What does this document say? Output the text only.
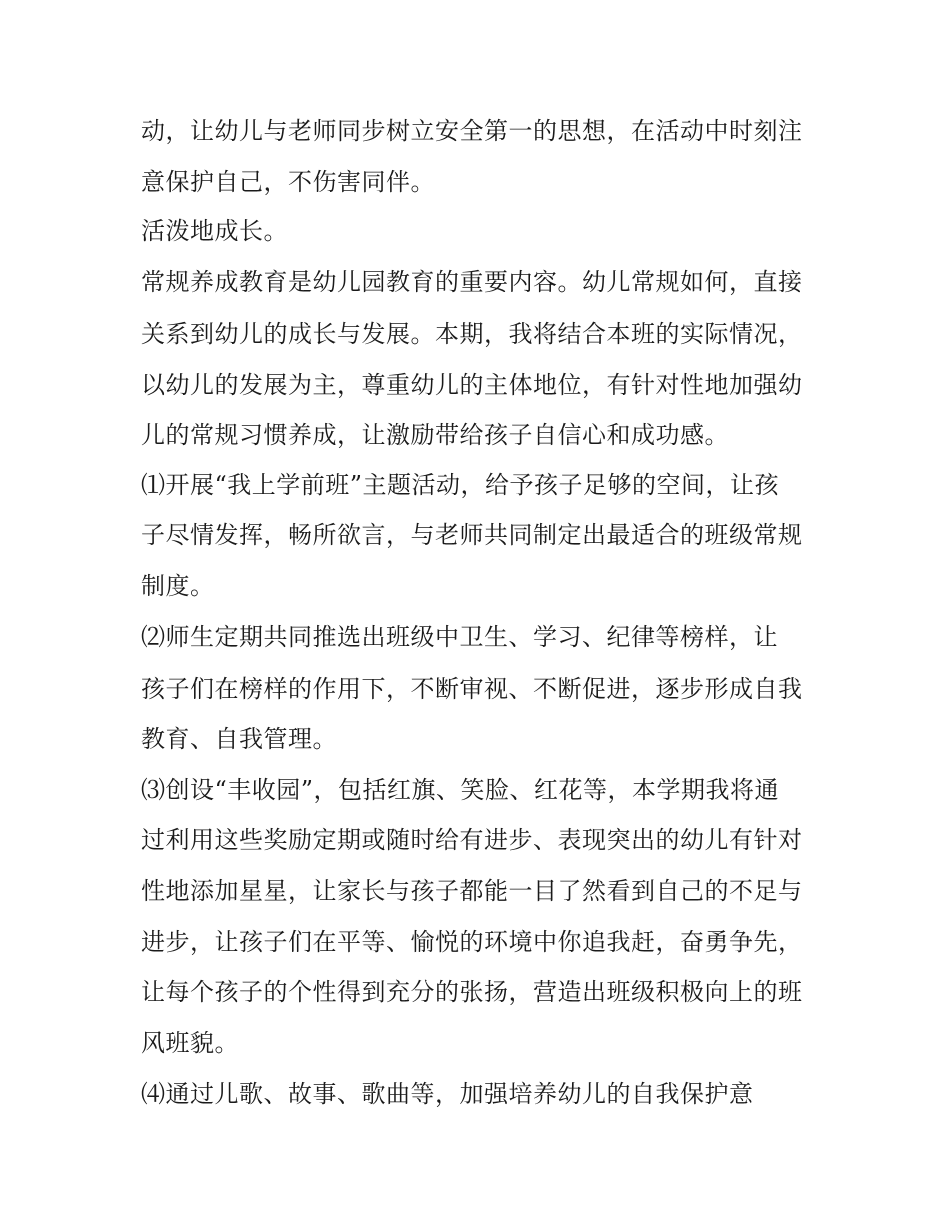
动，让幼儿与老师同步树立安全第一的思想，在活动中时刻注
意保护自己，不伤害同伴。
活泼地成长。
常规养成教育是幼儿园教育的重要内容。幼儿常规如何，直接
关系到幼儿的成长与发展。本期，我将结合本班的实际情况，
以幼儿的发展为主，尊重幼儿的主体地位，有针对性地加强幼
儿的常规习惯养成，让激励带给孩子自信心和成功感。
⑴开展“我上学前班”主题活动，给予孩子足够的空间，让孩
子尽情发挥，畅所欲言，与老师共同制定出最适合的班级常规
制度。
⑵师生定期共同推选出班级中卫生、学习、纪律等榜样，让
孩子们在榜样的作用下，不断审视、不断促进，逐步形成自我
教育、自我管理。
⑶创设“丰收园”，包括红旗、笑脸、红花等，本学期我将通
过利用这些奖励定期或随时给有进步、表现突出的幼儿有针对
性地添加星星，让家长与孩子都能一目了然看到自己的不足与
进步，让孩子们在平等、愉悦的环境中你追我赶，奋勇争先，
让每个孩子的个性得到充分的张扬，营造出班级积极向上的班
风班貌。
⑷通过儿歌、故事、歌曲等，加强培养幼儿的自我保护意
